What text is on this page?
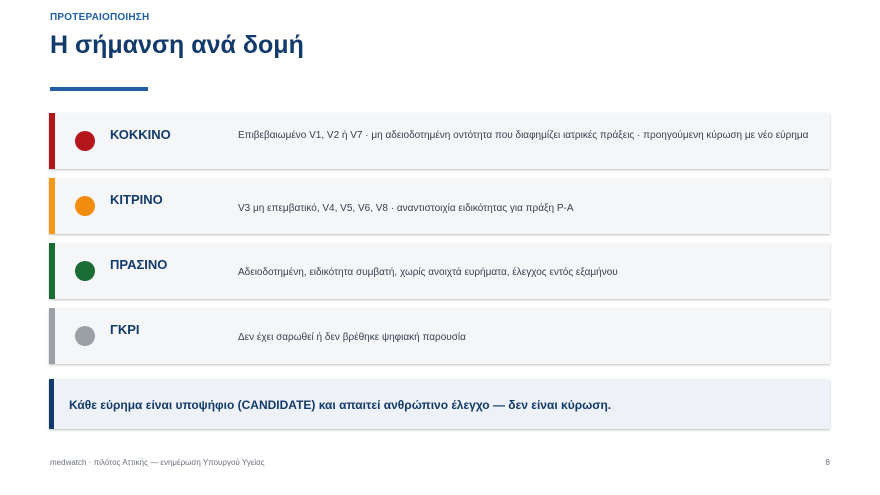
ΠΡΟΤΕΡΑΙΟΠΟΙΗΣΗ
Η σήμανση ανά δομή
ΚΟΚΚΙΝΟ	Επιβεβαιωμένο V1, V2 ή V7 · μη αδειοδοτημένη οντότητα που διαφημίζει ιατρικές πράξεις · προηγούμενη κύρωση με νέο εύρημα
ΚΙΤΡΙΝΟ
V3 μη επεμβατικό, V4, V5, V6, V8 · αναντιστοιχία ειδικότητας για πράξη P-A
ΠΡΑΣΙΝΟ
Αδειοδοτημένη, ειδικότητα συμβατή, χωρίς ανοιχτά ευρήματα, έλεγχος εντός εξαμήνου
ΓΚΡΙ
Δεν έχει σαρωθεί ή δεν βρέθηκε ψηφιακή παρουσία
Κάθε εύρημα είναι υποψήφιο (CANDIDATE) και απαιτεί ανθρώπινο έλεγχο — δεν είναι κύρωση.
medwatch · πιλότος Αττικής — ενημέρωση Υπουργού Υγείας	8
